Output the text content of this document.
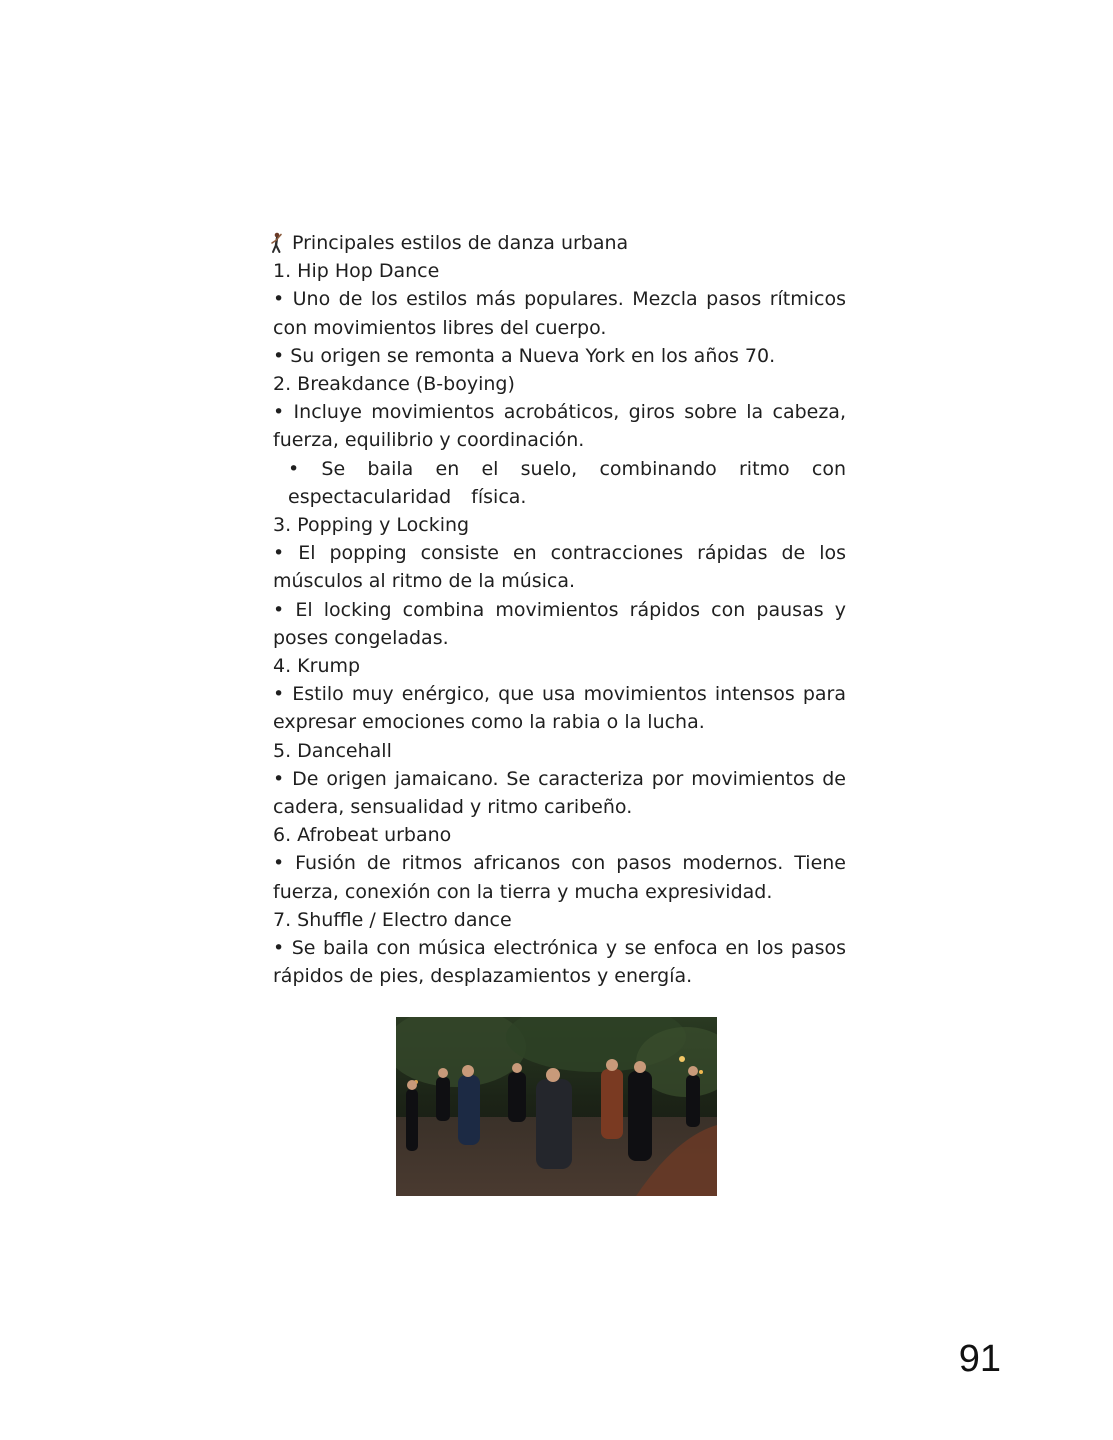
Principales estilos de danza urbana
1. Hip Hop Dance
• Uno de los estilos más populares. Mezcla pasos rítmicos con movimientos libres del cuerpo.
• Su origen se remonta a Nueva York en los años 70.
2. Breakdance (B-boying)
• Incluye movimientos acrobáticos, giros sobre la cabeza, fuerza, equilibrio y coordinación.
• Se baila en el suelo, combinando ritmo con espectacularidad física.
3. Popping y Locking
• El popping consiste en contracciones rápidas de los músculos al ritmo de la música.
• El locking combina movimientos rápidos con pausas y poses congeladas.
4. Krump
• Estilo muy enérgico, que usa movimientos intensos para expresar emociones como la rabia o la lucha.
5. Dancehall
• De origen jamaicano. Se caracteriza por movimientos de cadera, sensualidad y ritmo caribeño.
6. Afrobeat urbano
• Fusión de ritmos africanos con pasos modernos. Tiene fuerza, conexión con la tierra y mucha expresividad.
7. Shuffle / Electro dance
• Se baila con música electrónica y se enfoca en los pasos rápidos de pies, desplazamientos y energía.
91
